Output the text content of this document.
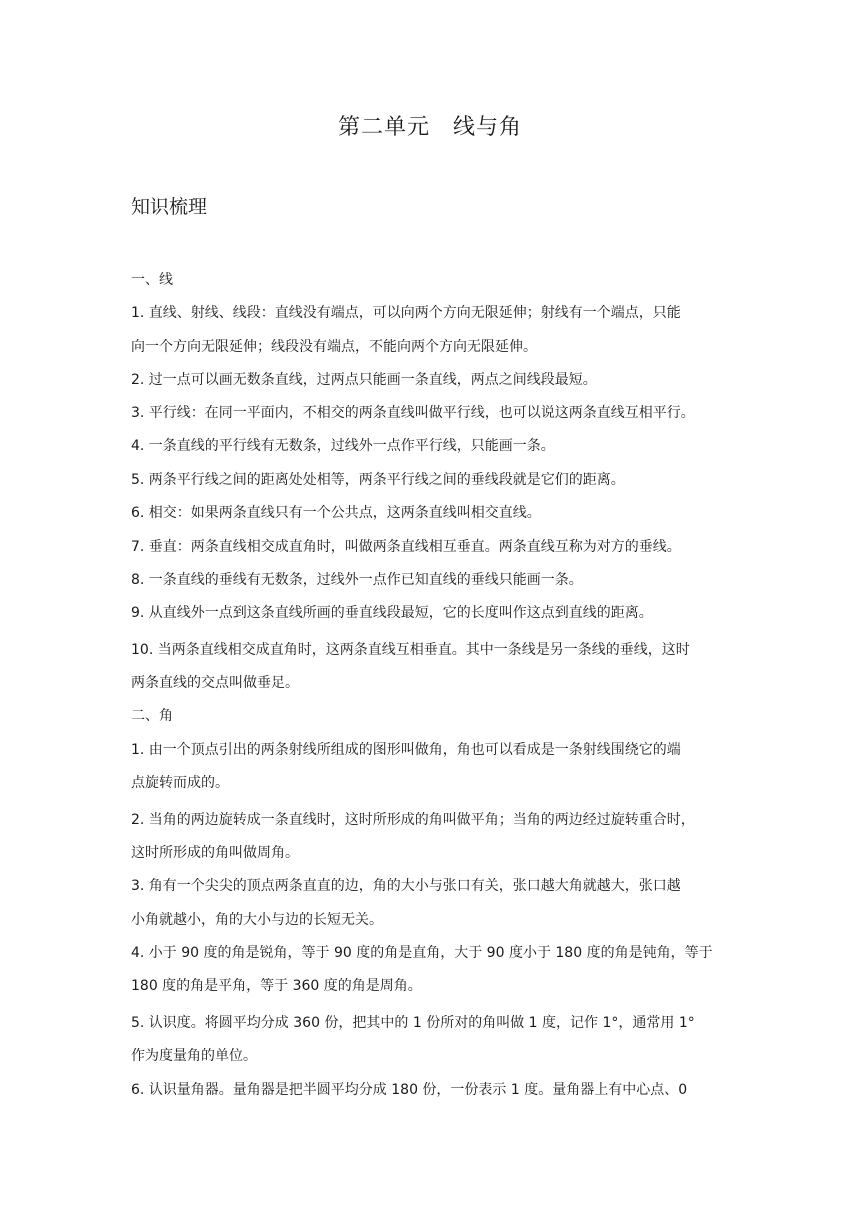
第二单元　线与角
知识梳理
一、线
1. 直线、射线、线段：直线没有端点，可以向两个方向无限延伸；射线有一个端点，只能
向一个方向无限延伸；线段没有端点，不能向两个方向无限延伸。
2. 过一点可以画无数条直线，过两点只能画一条直线，两点之间线段最短。
3. 平行线：在同一平面内，不相交的两条直线叫做平行线，也可以说这两条直线互相平行。
4. 一条直线的平行线有无数条，过线外一点作平行线，只能画一条。
5. 两条平行线之间的距离处处相等，两条平行线之间的垂线段就是它们的距离。
6. 相交：如果两条直线只有一个公共点，这两条直线叫相交直线。
7. 垂直：两条直线相交成直角时，叫做两条直线相互垂直。两条直线互称为对方的垂线。
8. 一条直线的垂线有无数条，过线外一点作已知直线的垂线只能画一条。
9. 从直线外一点到这条直线所画的垂直线段最短，它的长度叫作这点到直线的距离。
10. 当两条直线相交成直角时，这两条直线互相垂直。其中一条线是另一条线的垂线，这时
两条直线的交点叫做垂足。
二、角
1. 由一个顶点引出的两条射线所组成的图形叫做角，角也可以看成是一条射线围绕它的端
点旋转而成的。
2. 当角的两边旋转成一条直线时，这时所形成的角叫做平角；当角的两边经过旋转重合时，
这时所形成的角叫做周角。
3. 角有一个尖尖的顶点两条直直的边，角的大小与张口有关，张口越大角就越大，张口越
小角就越小，角的大小与边的长短无关。
4. 小于 90 度的角是锐角，等于 90 度的角是直角，大于 90 度小于 180 度的角是钝角，等于
180 度的角是平角，等于 360 度的角是周角。
5. 认识度。将圆平均分成 360 份，把其中的 1 份所对的角叫做 1 度，记作 1°，通常用 1°
作为度量角的单位。
6. 认识量角器。量角器是把半圆平均分成 180 份，一份表示 1 度。量角器上有中心点、0
